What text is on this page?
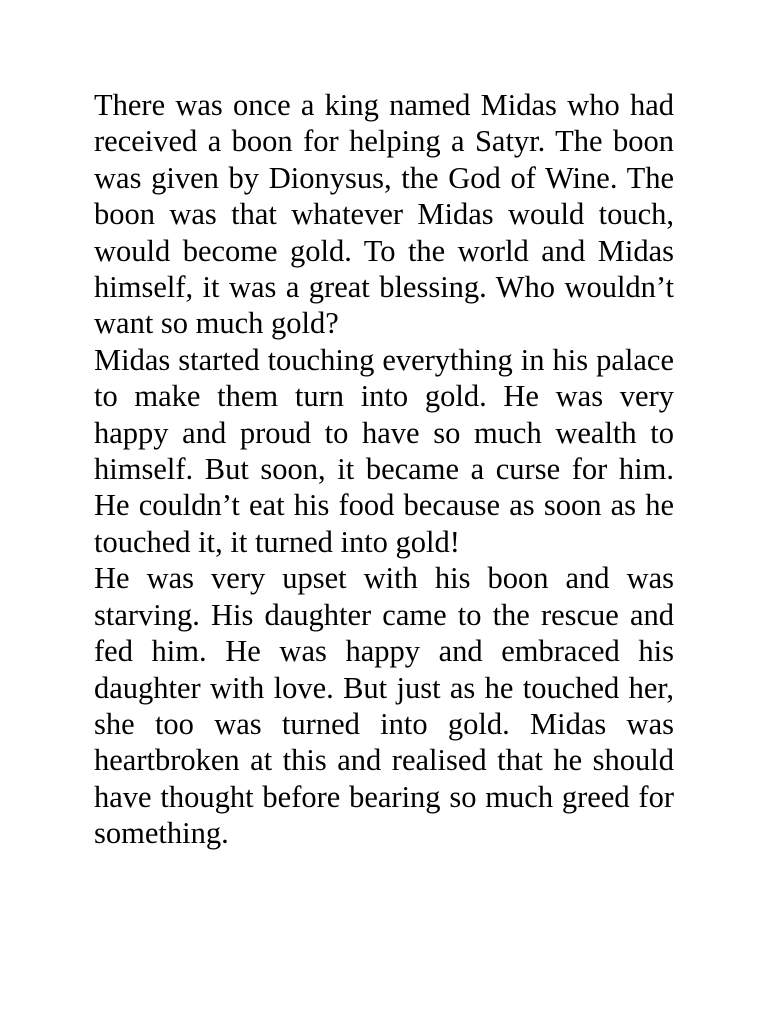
There was once a king named Midas who had received a boon for helping a Satyr. The boon was given by Dionysus, the God of Wine. The boon was that whatever Midas would touch, would become gold. To the world and Midas himself, it was a great blessing. Who wouldn’t want so much gold?

Midas started touching everything in his palace to make them turn into gold. He was very happy and proud to have so much wealth to himself. But soon, it became a curse for him. He couldn’t eat his food because as soon as he touched it, it turned into gold!

He was very upset with his boon and was starving. His daughter came to the rescue and fed him. He was happy and embraced his daughter with love. But just as he touched her, she too was turned into gold. Midas was heartbroken at this and realised that he should have thought before bearing so much greed for something.
